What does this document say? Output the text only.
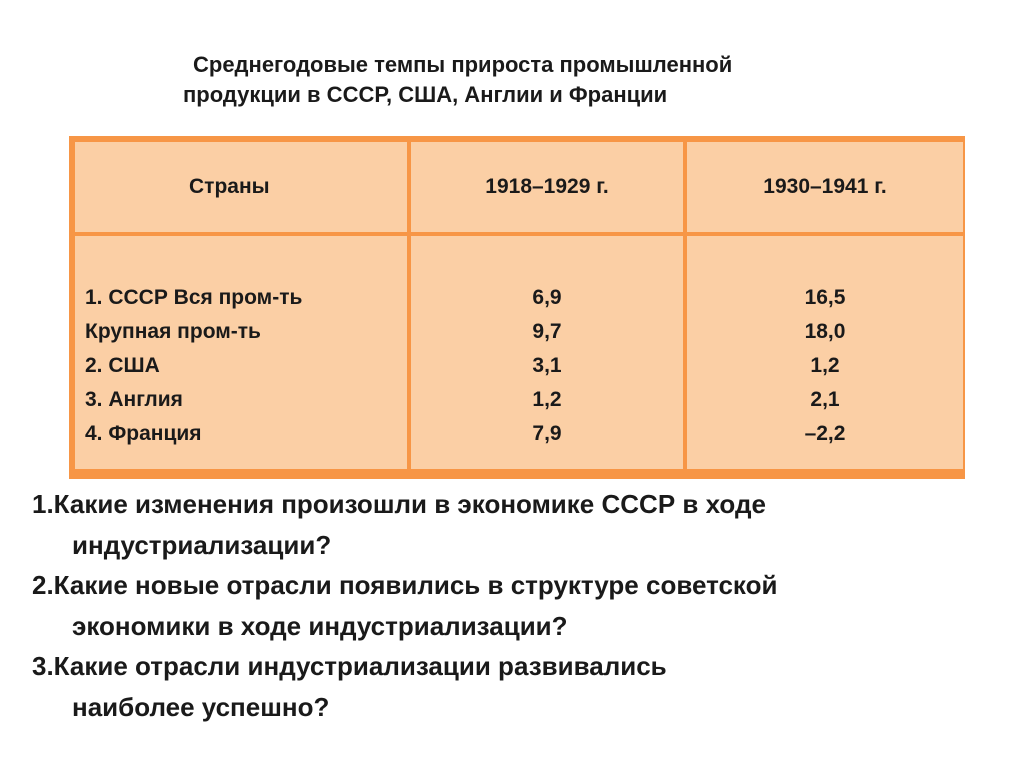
Среднегодовые темпы прироста промышленной
продукции в СССР, США, Англии и Франции
Страны	1918–1929 г.	1930–1941 г.
1. СССР Вся пром-ть
Крупная пром-ть
2. США
3. Англия
4. Франция
6,9
9,7
3,1
1,2
7,9
16,5
18,0
1,2
2,1
–2,2
1.Какие изменения произошли в экономике СССР в ходе
индустриализации?
2.Какие новые отрасли появились в структуре советской
экономики в ходе индустриализации?
3.Какие отрасли индустриализации развивались
наиболее успешно?
